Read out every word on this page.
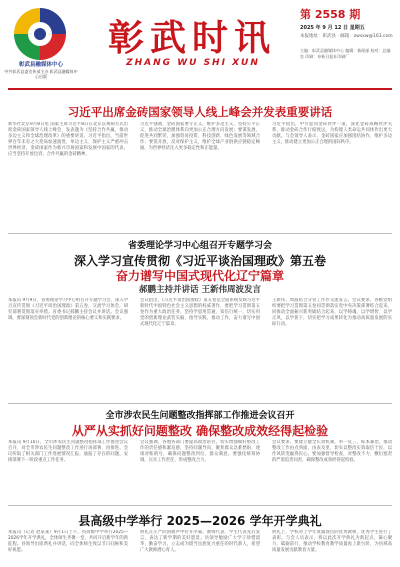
彰武县融媒体中心
中共彰武县委宣传部主办 彰武县融媒体中心出版
彰武时讯
ZHANG WU SHI XUN
第 2558 期
2025 年 9 月 12 日 星期五
本报地址：彰武县 · 邮箱：zwsxw@163.com
主编：彰武县融媒体中心 编辑：新闻部 校对：总编室 印刷：阜新日报社印刷厂
习近平出席金砖国家领导人线上峰会并发表重要讲话
新华社北京9月8日电 国家主席习近平8日在北京以视频方式出席金砖国家领导人线上峰会，发表题为《坚持合作共赢，推动多边主义和全球治理改革》的重要讲话。习近平指出，当前世界百年未有之大变局加速演进，单边主义、保护主义严重冲击世界经济，金砖国家作为新兴市场国家和发展中国家的代表，应当坚持开放包容、合作共赢的金砖精神。
习近平强调，金砖国家要守正义，维护多边主义，坚持公平正义，推动全球治理体系向更加公正合理方向发展；要谋发展，促进共同繁荣，加强贸易投资、科技创新、绿色发展等领域合作；要促开放，反对保护主义，维护全球产业链供应链稳定畅通，为世界经济注入更多稳定性和正能量。
习近平指出，中方愿同金砖伙伴一道，深化金砖战略伙伴关系，推动金砖合作行稳致远，为构建人类命运共同体作出更大贡献。与会领导人表示，金砖国家应加强团结协作，维护多边主义，推动建立更加公正合理的国际秩序。
省委理论学习中心组召开专题学习会
深入学习宣传贯彻《习近平谈治国理政》第五卷
奋力谱写中国式现代化辽宁篇章
郝鹏主持并讲话 王新伟周波发言
本报讯 9月9日，省委理论学习中心组召开专题学习会，深入学习宣传贯彻《习近平谈治国理政》第五卷，交流学习体会，研究部署贯彻落实举措。省委书记郝鹏主持会议并讲话。会议强调，要深刻领会新时代党的创新理论的核心要义和实践要求。
会议指出，《习近平谈治国理政》第五卷是全面系统反映习近平新时代中国特色社会主义思想的权威著作，要把学习贯彻第五卷作为重大政治任务，坚持学思用贯通、知信行统一，切实用党的创新理论武装头脑、指导实践、推动工作，奋力谱写中国式现代化辽宁篇章。
王新伟、周波结合分管工作作交流发言。会议要求，各级党组织要把学习贯彻第五卷同贯彻落实党中央决策部署结合起来，同推动全面振兴新突破结合起来，以学铸魂、以学增智、以学正风、以学促干，切实把学习成果转化为推动高质量发展的实际行动。
全市涉农民生问题整改指挥部工作推进会议召开
从严从实抓好问题整改 确保整改成效经得起检验
本报讯 9月10日，全市涉农民生问题整改指挥部工作推进会议召开，对全市涉农民生问题整改工作进行再部署、再推进。会议听取了相关部门工作进展情况汇报，通报了存在的问题，安排部署下一阶段重点工作任务。
会议强调，各地各部门要提高政治站位，切实增强做好整改工作的责任感和紧迫感，坚持问题导向，聚焦群众急难愁盼，逐项对账销号，确保问题整改到位、群众满意。要强化统筹协调，压实工作责任，形成整改合力。
会议要求，要建立健全长效机制，举一反三、标本兼治，推动整改工作由点到面、由表及里，切实以整改实效取信于民，以作风转变赢得民心。要加强督导检查，对整改不力、敷衍塞责的严肃追责问责，确保整改成效经得起检验。
县高级中学举行 2025—2026 学年开学典礼
本报讯（记者 赵某某）9月1日上午，县高级中学举行2025—2026学年开学典礼，全体师生齐聚一堂，共同开启新学年的新征程。县领导出席典礼并讲话，向全体师生致以节日问候和美好祝愿。
典礼在庄严的国歌声中拉开序幕。教师代表、学生代表先后发言，表达了新学期的美好愿景。县领导勉励广大学子珍惜韶华、勤奋学习，立志成为堪当民族复兴重任的时代新人，希望广大教师潜心育人。
典礼上，学校对上学年度涌现出的优秀教师、优秀学生进行了表彰。与会人员表示，将以此次开学典礼为新起点，凝心聚力、砥砺前行，推动学校教育教学质量再上新台阶，为县域高质量发展贡献教育力量。
